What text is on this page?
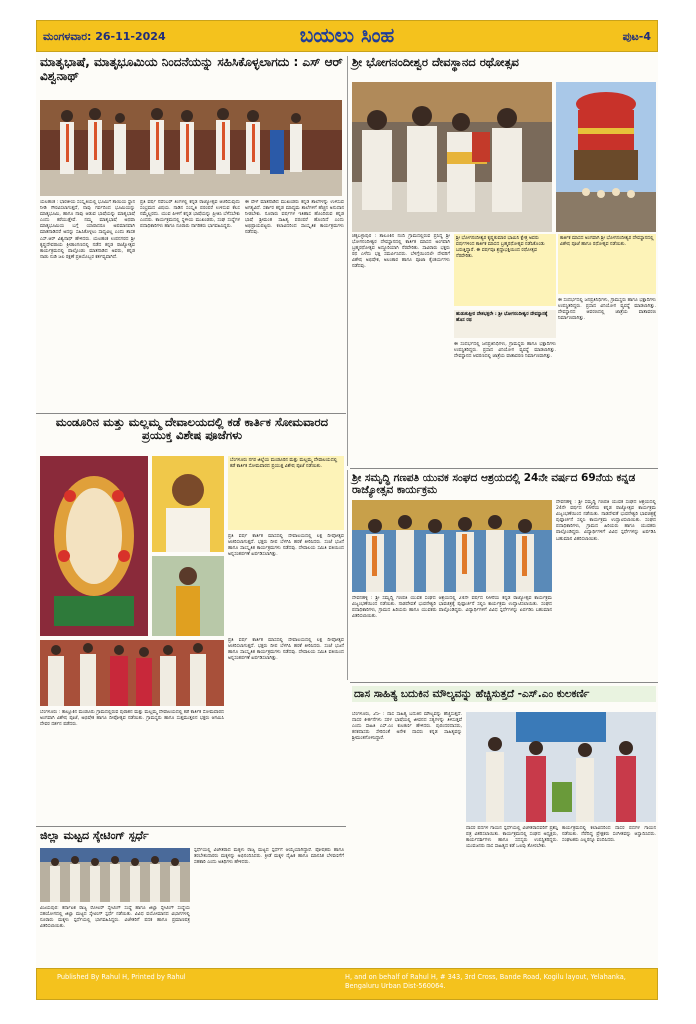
ಮಂಗಳವಾರ: 26-11-2024	ಬಯಲು ಸಿಂಹ	ಪುಟ-4
ಮಾತೃಭಾಷೆ, ಮಾತೃಭೂಮಿಯ ನಿಂದನೆಯನ್ನು ಸಹಿಸಿಕೊಳ್ಳಲಾಗದು : ಎಸ್ ಆರ್ ವಿಶ್ವನಾಥ್
ಯಲಹಂಕ : ಭಾರತೀಯ ಸಂಸ್ಕೃತಿಯಲ್ಲಿ ಭೂಮಿಗೆ ತಾಯಿಯ ಸ್ಥಾನ ನೀಡಿ ಗೌರವಿಸಲಾಗುತ್ತದೆ, ನಾವು ಗರ್ವದಿಂದ ಭೂಮಿಯನ್ನು ಮಾತೃಭೂಮಿ, ಹಾಗೂ ನಾವು ಆಡುವ ಭಾಷೆಯನ್ನು ಮಾತೃಭಾಷೆ ಎಂದು ಕರೆಯುತ್ತೇವೆ. ನಮ್ಮ ಮಾತೃಭಾಷೆ ಅಥವಾ ಮಾತೃಭೂಮಿಯ ಬಗ್ಗೆ ಯಾರಾದರೂ ಅಪಮಾನವಾಗಿ ಮಾತನಾಡಿದರೆ ಅದನ್ನು ಸಹಿಸಿಕೊಳ್ಳಲು ಸಾಧ್ಯವಿಲ್ಲ ಎಂದು ಶಾಸಕ ಎಸ್.ಆರ್ ವಿಶ್ವನಾಥ್ ಹೇಳಿದರು. ಯಲಹಂಕ ಉಪನಗರದ ಶ್ರೀ ಕೃಷ್ಣದೇವರಾಯ ಕ್ರೀಡಾಂಗಣದಲ್ಲಿ ನಡೆದ ಕನ್ನಡ ರಾಜ್ಯೋತ್ಸವ ಕಾರ್ಯಕ್ರಮದಲ್ಲಿ ಪಾಲ್ಗೊಂಡು ಮಾತನಾಡಿದ ಅವರು, ಕನ್ನಡ ನಾಡು ನುಡಿ ಜಲ ರಕ್ಷಣೆ ಪ್ರತಿಯೊಬ್ಬರ ಕರ್ತವ್ಯವಾಗಿದೆ.
ಪ್ರತಿ ವರ್ಷ ನವೆಂಬರ್ ತಿಂಗಳಲ್ಲಿ ಕನ್ನಡ ರಾಜ್ಯೋತ್ಸವ ಆಚರಿಸುವುದು ಸಂಭ್ರಮದ ವಿಷಯ. ನಾಡಿನ ಸಂಸ್ಕೃತಿ ಪರಂಪರೆ ಉಳಿಸುವ ಕೆಲಸ ನಮ್ಮೆಲ್ಲರದು. ಯುವ ಪೀಳಿಗೆ ಕನ್ನಡ ಭಾಷೆಯನ್ನು ಪ್ರೀತಿಸಿ ಬೆಳೆಸಬೇಕು ಎಂದರು. ಕಾರ್ಯಕ್ರಮದಲ್ಲಿ ಸ್ಥಳೀಯ ಮುಖಂಡರು, ಸಂಘ ಸಂಸ್ಥೆಗಳ ಪದಾಧಿಕಾರಿಗಳು ಹಾಗೂ ನೂರಾರು ನಾಗರಿಕರು ಭಾಗವಹಿಸಿದ್ದರು.
ಈ ವೇಳೆ ಮಾತನಾಡಿದ ಮುಖಂಡರು ಕನ್ನಡ ಶಾಲೆಗಳನ್ನು ಉಳಿಸುವ ಅಗತ್ಯವಿದೆ. ಸರ್ಕಾರ ಕನ್ನಡ ಮಾಧ್ಯಮ ಶಾಲೆಗಳಿಗೆ ಹೆಚ್ಚಿನ ಅನುದಾನ ನೀಡಬೇಕು. ನೂರಾರು ವರ್ಷಗಳ ಇತಿಹಾಸ ಹೊಂದಿರುವ ಕನ್ನಡ ಭಾಷೆ ಶ್ರೀಮಂತ ಸಾಹಿತ್ಯ ಪರಂಪರೆ ಹೊಂದಿದೆ ಎಂದು ಅಭಿಪ್ರಾಯಪಟ್ಟರು. ಕಲಾವಿದರಿಂದ ಸಾಂಸ್ಕೃತಿಕ ಕಾರ್ಯಕ್ರಮಗಳು ನಡೆದವು.
ಶ್ರೀ ಭೋಗನಂದೀಶ್ವರ ದೇವಸ್ಥಾನದ ರಥೋತ್ಸವ
ಶ್ರೀ ಭೋಗನಂದೀಶ್ವರ ಕೃಷ್ಣಕುಮಾರ ಭಾಮಿನಿ ಕ್ಷೇತ್ರ ಅವರು ವರ್ಷಗಳಿಂದ ಕಾರ್ತಿಕ ಮಾಸದ ಬ್ರಹ್ಮರಥೋತ್ಸವ ನಡೆಸಿಕೊಂಡು ಬರುತ್ತಿದ್ದಾರೆ. ಈ ವರ್ಷವೂ ಶ್ರದ್ಧಾಭಕ್ತಿಯಿಂದ ರಥೋತ್ಸವ ನೆರವೇರಿತು.
ಕಾರ್ತಿಕ ಮಾಸದ ಅಂಗವಾಗಿ ಶ್ರೀ ಭೋಗನಂದೀಶ್ವರ ದೇವಸ್ಥಾನದಲ್ಲಿ ವಿಶೇಷ ಪೂಜೆ ಹಾಗೂ ರಥೋತ್ಸವ ನಡೆಯಿತು.
ಚಿಕ್ಕಬಳ್ಳಾಪುರ : ತಾಲೂಕಿನ ನಂದಿ ಗ್ರಾಮದಲ್ಲಿರುವ ಪ್ರಸಿದ್ಧ ಶ್ರೀ ಭೋಗನಂದೀಶ್ವರ ದೇವಸ್ಥಾನದಲ್ಲಿ ಕಾರ್ತಿಕ ಮಾಸದ ಅಂಗವಾಗಿ ಬ್ರಹ್ಮರಥೋತ್ಸವ ಅದ್ದೂರಿಯಾಗಿ ನೆರವೇರಿತು. ಸಾವಿರಾರು ಭಕ್ತರು ರಥ ಎಳೆದು ಭಕ್ತಿ ಸಮರ್ಪಿಸಿದರು. ಬೆಳಿಗ್ಗೆಯಿಂದಲೇ ದೇವರಿಗೆ ವಿಶೇಷ ಅಭಿಷೇಕ, ಅಲಂಕಾರ ಹಾಗೂ ಪೂಜಾ ಕೈಂಕರ್ಯಗಳು ನಡೆದವು.
ಹುಡುಕುತ್ತೀರ ದೇಶಭಕ್ತರೇ : ಶ್ರೀ ಭೋಗನಂದೀಶ್ವರ ದೇವಸ್ಥಾನಕ್ಕೆ ಹೊಸ ರಥ
ಈ ಸಂದರ್ಭದಲ್ಲಿ ಜನಪ್ರತಿನಿಧಿಗಳು, ಗ್ರಾಮಸ್ಥರು ಹಾಗೂ ಭಕ್ತಾದಿಗಳು ಉಪಸ್ಥಿತರಿದ್ದರು. ಪ್ರಸಾದ ವಿನಿಯೋಗ ವ್ಯವಸ್ಥೆ ಮಾಡಲಾಗಿತ್ತು. ದೇವಸ್ಥಾನದ ಆವರಣದಲ್ಲಿ ಜಾತ್ರೆಯ ವಾತಾವರಣ ನಿರ್ಮಾಣವಾಗಿತ್ತು.
ಈ ಸಂದರ್ಭದಲ್ಲಿ ಜನಪ್ರತಿನಿಧಿಗಳು, ಗ್ರಾಮಸ್ಥರು ಹಾಗೂ ಭಕ್ತಾದಿಗಳು ಉಪಸ್ಥಿತರಿದ್ದರು. ಪ್ರಸಾದ ವಿನಿಯೋಗ ವ್ಯವಸ್ಥೆ ಮಾಡಲಾಗಿತ್ತು. ದೇವಸ್ಥಾನದ ಆವರಣದಲ್ಲಿ ಜಾತ್ರೆಯ ವಾತಾವರಣ ನಿರ್ಮಾಣವಾಗಿತ್ತು.
ಮಂಡೂರಿನ ಮತ್ತು ಮಲ್ಲಮ್ಮ ದೇವಾಲಯದಲ್ಲಿ ಕಡೆ ಕಾರ್ತಿಕ ಸೋಮವಾರದ ಪ್ರಯುಕ್ತ ವಿಶೇಷ ಪೂಜೆಗಳು
ಬೆಂಗಳೂರು ನಗರ ಜಿಲ್ಲೆಯ ಮಂಡೂರಿನ ಮತ್ತು ಮಲ್ಲಮ್ಮ ದೇವಾಲಯದಲ್ಲಿ ಕಡೆ ಕಾರ್ತಿಕ ಸೋಮವಾರದ ಪ್ರಯುಕ್ತ ವಿಶೇಷ ಪೂಜೆ ನಡೆಯಿತು.
ಪ್ರತಿ ವರ್ಷ ಕಾರ್ತಿಕ ಮಾಸದಲ್ಲಿ ದೇವಾಲಯದಲ್ಲಿ ಲಕ್ಷ ದೀಪೋತ್ಸವ ಆಚರಿಸಲಾಗುತ್ತದೆ. ಭಕ್ತರು ದೀಪ ಬೆಳಗಿಸಿ ಹರಕೆ ತೀರಿಸಿದರು. ಸಂಜೆ ಭಜನೆ ಹಾಗೂ ಸಾಂಸ್ಕೃತಿಕ ಕಾರ್ಯಕ್ರಮಗಳು ನಡೆದವು. ದೇವಾಲಯ ಸಮಿತಿ ವತಿಯಿಂದ ಅನ್ನಸಂತರ್ಪಣೆ ಏರ್ಪಡಿಸಲಾಗಿತ್ತು.
ಬೆಂಗಳೂರು : ತಾಲ್ಲೂಕಿನ ಮಂಡೂರು ಗ್ರಾಮದಲ್ಲಿರುವ ಪುರಾತನ ಮತ್ತು ಮಲ್ಲಮ್ಮ ದೇವಾಲಯದಲ್ಲಿ ಕಡೆ ಕಾರ್ತಿಕ ಸೋಮವಾರದ ಅಂಗವಾಗಿ ವಿಶೇಷ ಪೂಜೆ, ಅಭಿಷೇಕ ಹಾಗೂ ದೀಪೋತ್ಸವ ನಡೆಯಿತು. ಗ್ರಾಮಸ್ಥರು ಹಾಗೂ ಸುತ್ತಮುತ್ತಲಿನ ಭಕ್ತರು ಆಗಮಿಸಿ ದೇವರ ದರ್ಶನ ಪಡೆದರು.
ಪ್ರತಿ ವರ್ಷ ಕಾರ್ತಿಕ ಮಾಸದಲ್ಲಿ ದೇವಾಲಯದಲ್ಲಿ ಲಕ್ಷ ದೀಪೋತ್ಸವ ಆಚರಿಸಲಾಗುತ್ತದೆ. ಭಕ್ತರು ದೀಪ ಬೆಳಗಿಸಿ ಹರಕೆ ತೀರಿಸಿದರು. ಸಂಜೆ ಭಜನೆ ಹಾಗೂ ಸಾಂಸ್ಕೃತಿಕ ಕಾರ್ಯಕ್ರಮಗಳು ನಡೆದವು. ದೇವಾಲಯ ಸಮಿತಿ ವತಿಯಿಂದ ಅನ್ನಸಂತರ್ಪಣೆ ಏರ್ಪಡಿಸಲಾಗಿತ್ತು.
ಶ್ರೀ ಸಮೃದ್ಧಿ ಗಣಪತಿ ಯುವಕ ಸಂಘದ ಆಶ್ರಯದಲ್ಲಿ 24ನೇ ವರ್ಷದ 69ನೆಯ ಕನ್ನಡ ರಾಜ್ಯೋತ್ಸವ ಕಾರ್ಯಕ್ರಮ
ದೇವನಹಳ್ಳಿ : ಶ್ರೀ ಸಮೃದ್ಧಿ ಗಣಪತಿ ಯುವಕ ಸಂಘದ ಆಶ್ರಯದಲ್ಲಿ 24ನೇ ವರ್ಷದ 69ನೆಯ ಕನ್ನಡ ರಾಜ್ಯೋತ್ಸವ ಕಾರ್ಯಕ್ರಮ ವಿಜೃಂಭಣೆಯಿಂದ ನಡೆಯಿತು. ನಾಡದೇವತೆ ಭುವನೇಶ್ವರಿ ಭಾವಚಿತ್ರಕ್ಕೆ ಪುಷ್ಪಾರ್ಚನೆ ಸಲ್ಲಿಸಿ ಕಾರ್ಯಕ್ರಮ ಉದ್ಘಾಟಿಸಲಾಯಿತು. ಸಂಘದ ಪದಾಧಿಕಾರಿಗಳು, ಗ್ರಾಮದ ಹಿರಿಯರು ಹಾಗೂ ಯುವಕರು ಪಾಲ್ಗೊಂಡಿದ್ದರು. ವಿದ್ಯಾರ್ಥಿಗಳಿಗೆ ವಿವಿಧ ಸ್ಪರ್ಧೆಗಳನ್ನು ಏರ್ಪಡಿಸಿ ಬಹುಮಾನ ವಿತರಿಸಲಾಯಿತು.
ದೇವನಹಳ್ಳಿ : ಶ್ರೀ ಸಮೃದ್ಧಿ ಗಣಪತಿ ಯುವಕ ಸಂಘದ ಆಶ್ರಯದಲ್ಲಿ 24ನೇ ವರ್ಷದ 69ನೆಯ ಕನ್ನಡ ರಾಜ್ಯೋತ್ಸವ ಕಾರ್ಯಕ್ರಮ ವಿಜೃಂಭಣೆಯಿಂದ ನಡೆಯಿತು. ನಾಡದೇವತೆ ಭುವನೇಶ್ವರಿ ಭಾವಚಿತ್ರಕ್ಕೆ ಪುಷ್ಪಾರ್ಚನೆ ಸಲ್ಲಿಸಿ ಕಾರ್ಯಕ್ರಮ ಉದ್ಘಾಟಿಸಲಾಯಿತು. ಸಂಘದ ಪದಾಧಿಕಾರಿಗಳು, ಗ್ರಾಮದ ಹಿರಿಯರು ಹಾಗೂ ಯುವಕರು ಪಾಲ್ಗೊಂಡಿದ್ದರು. ವಿದ್ಯಾರ್ಥಿಗಳಿಗೆ ವಿವಿಧ ಸ್ಪರ್ಧೆಗಳನ್ನು ಏರ್ಪಡಿಸಿ ಬಹುಮಾನ ವಿತರಿಸಲಾಯಿತು.
ದಾಸ ಸಾಹಿತ್ಯ ಬದುಕಿನ ಮೌಲ್ಯವನ್ನು ಹೆಚ್ಚಿಸುತ್ತದೆ -ಎಸ್.ಎಂ ಕುಲಕರ್ಣಿ
ಬೆಂಗಳೂರು, 25- : ದಾಸ ಸಾಹಿತ್ಯ ಬದುಕಿನ ಮೌಲ್ಯವನ್ನು ಹೆಚ್ಚಿಸುತ್ತದೆ. ದಾಸರ ಕೀರ್ತನೆಗಳು ಸರಳ ಭಾಷೆಯಲ್ಲಿ ಜೀವನದ ಸತ್ಯಗಳನ್ನು ತಿಳಿಸುತ್ತವೆ ಎಂದು ಸಾಹಿತಿ ಎಸ್.ಎಂ ಕುಲಕರ್ಣಿ ಹೇಳಿದರು. ಪುರಂದರದಾಸರು, ಕನಕದಾಸರು ಸೇರಿದಂತೆ ಅನೇಕ ದಾಸರು ಕನ್ನಡ ಸಾಹಿತ್ಯವನ್ನು ಶ್ರೀಮಂತಗೊಳಿಸಿದ್ದಾರೆ.
ದಾಸರ ಪದಗಳ ಗಾಯನ ಸ್ಪರ್ಧೆಯಲ್ಲಿ ವಿಜೇತರಾದವರಿಗೆ ಪ್ರಶಸ್ತಿ ಪತ್ರ ವಿತರಿಸಲಾಯಿತು. ಕಾರ್ಯಕ್ರಮದಲ್ಲಿ ಸಂಘದ ಅಧ್ಯಕ್ಷರು, ಕಾರ್ಯದರ್ಶಿಗಳು ಹಾಗೂ ಸದಸ್ಯರು ಉಪಸ್ಥಿತರಿದ್ದರು. ಯುವಜನರು ದಾಸ ಸಾಹಿತ್ಯದ ಕಡೆ ಒಲವು ತೋರಬೇಕು.
ಕಾರ್ಯಕ್ರಮದಲ್ಲಿ ಕಲಾವಿದರಿಂದ ದಾಸರ ಪದಗಳ ಗಾಯನ ನಡೆಯಿತು. ನೆರೆದಿದ್ದ ಪ್ರೇಕ್ಷಕರು ಸಂಗೀತವನ್ನು ಆಸ್ವಾದಿಸಿದರು. ಸಂಘಟಕರು ಎಲ್ಲರನ್ನೂ ವಂದಿಸಿದರು.
ಜಿಲ್ಲಾ ಮಟ್ಟದ ಸ್ಕೇಟಿಂಗ್ ಸ್ಪರ್ಧೆ
ವಿಜಯಪುರ: ಕರ್ನಾಟಕ ರಾಜ್ಯ ರೋಲರ್ ಸ್ಕೇಟಿಂಗ್ ಸಂಸ್ಥೆ ಹಾಗೂ ಜಿಲ್ಲಾ ಸ್ಕೇಟಿಂಗ್ ಸಂಸ್ಥೆಯ ಸಹಯೋಗದಲ್ಲಿ ಜಿಲ್ಲಾ ಮಟ್ಟದ ಸ್ಕೇಟಿಂಗ್ ಸ್ಪರ್ಧೆ ನಡೆಯಿತು. ವಿವಿಧ ವಯೋಮಾನದ ವಿಭಾಗಗಳಲ್ಲಿ ನೂರಾರು ಮಕ್ಕಳು ಸ್ಪರ್ಧೆಯಲ್ಲಿ ಭಾಗವಹಿಸಿದ್ದರು. ವಿಜೇತರಿಗೆ ಪದಕ ಹಾಗೂ ಪ್ರಮಾಣಪತ್ರ ವಿತರಿಸಲಾಯಿತು.
ಸ್ಪರ್ಧೆಯಲ್ಲಿ ವಿಜೇತರಾದ ಮಕ್ಕಳು ರಾಜ್ಯ ಮಟ್ಟದ ಸ್ಪರ್ಧೆಗೆ ಆಯ್ಕೆಯಾಗಿದ್ದಾರೆ. ಪೋಷಕರು ಹಾಗೂ ತರಬೇತುದಾರರು ಮಕ್ಕಳನ್ನು ಅಭಿನಂದಿಸಿದರು. ಕ್ರೀಡೆ ಮಕ್ಕಳ ದೈಹಿಕ ಹಾಗೂ ಮಾನಸಿಕ ಬೆಳವಣಿಗೆಗೆ ಸಹಕಾರಿ ಎಂದು ಅತಿಥಿಗಳು ಹೇಳಿದರು.
Published By Rahul H, Printed by Rahul	H, and on behalf of Rahul H, # 343, 3rd Cross, Bande Road, Kogilu layout, Yelahanka, Bengaluru Urban Dist-560064.
